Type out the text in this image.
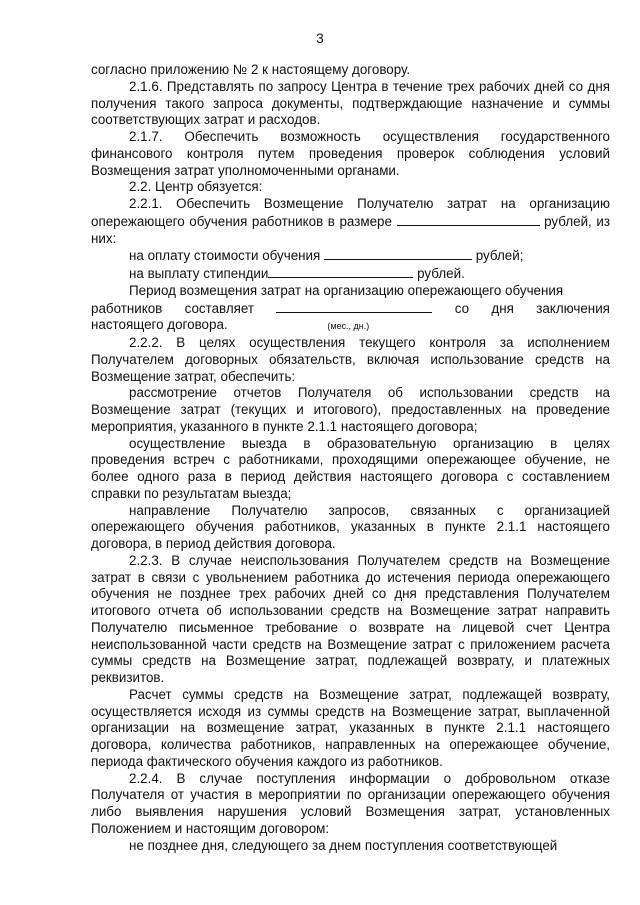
3

согласно приложению № 2 к настоящему договору.

2.1.6. Представлять по запросу Центра в течение трех рабочих дней со дня получения такого запроса документы, подтверждающие назначение и суммы соответствующих затрат и расходов.

2.1.7. Обеспечить возможность осуществления государственного финансового контроля путем проведения проверок соблюдения условий Возмещения затрат уполномоченными органами.

2.2. Центр обязуется:

2.2.1. Обеспечить Возмещение Получателю затрат на организацию опережающего обучения работников в размере	рублей, из них:

на оплату стоимости обучения	рублей;
на выплату стипендии	рублей.

Период возмещения затрат на организацию опережающего обучения

работников составляет	со дня заключения
настоящего договора.	(мес., дн.)

2.2.2. В целях осуществления текущего контроля за исполнением Получателем договорных обязательств, включая использование средств на Возмещение затрат, обеспечить:

рассмотрение отчетов Получателя об использовании средств на Возмещение затрат (текущих и итогового), предоставленных на проведение мероприятия, указанного в пункте 2.1.1 настоящего договора;

осуществление выезда в образовательную организацию в целях проведения встреч с работниками, проходящими опережающее обучение, не более одного раза в период действия настоящего договора с составлением справки по результатам выезда;

направление Получателю запросов, связанных с организацией опережающего обучения работников, указанных в пункте 2.1.1 настоящего договора, в период действия договора.

2.2.3. В случае неиспользования Получателем средств на Возмещение затрат в связи с увольнением работника до истечения периода опережающего обучения не позднее трех рабочих дней со дня представления Получателем итогового отчета об использовании средств на Возмещение затрат направить Получателю письменное требование о возврате на лицевой счет Центра неиспользованной части средств на Возмещение затрат с приложением расчета суммы средств на Возмещение затрат, подлежащей возврату, и платежных реквизитов.

Расчет суммы средств на Возмещение затрат, подлежащей возврату, осуществляется исходя из суммы средств на Возмещение затрат, выплаченной организации на возмещение затрат, указанных в пункте 2.1.1 настоящего договора, количества работников, направленных на опережающее обучение, периода фактического обучения каждого из работников.

2.2.4. В случае поступления информации о добровольном отказе Получателя от участия в мероприятии по организации опережающего обучения либо выявления нарушения условий Возмещения затрат, установленных Положением и настоящим договором:

не позднее дня, следующего за днем поступления соответствующей
